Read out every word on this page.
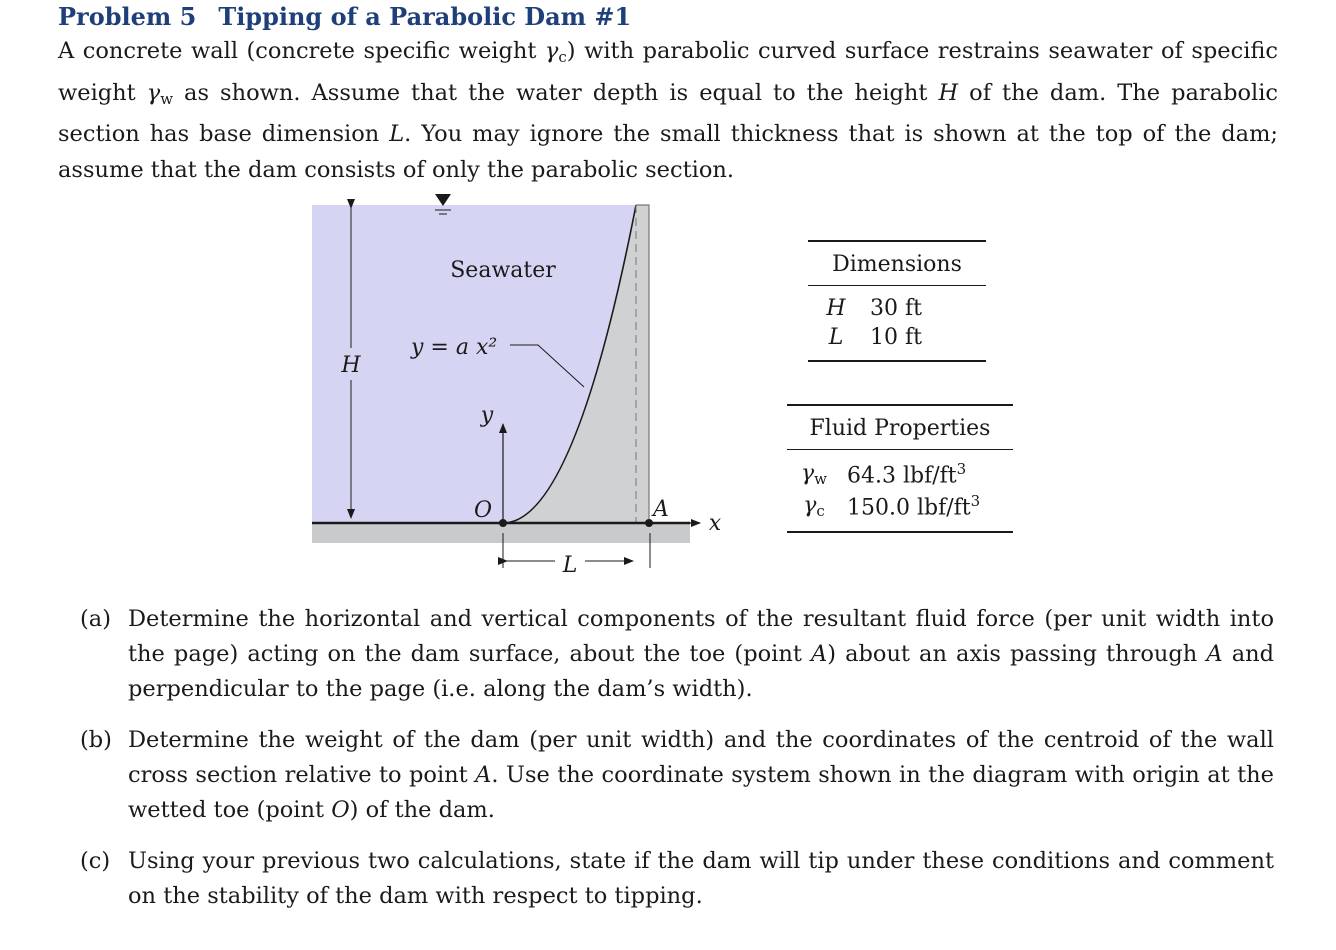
Problem 5 Tipping of a Parabolic Dam #1

A concrete wall (concrete specific weight $\gamma_c$) with parabolic curved surface restrains seawater of specific weight $\gamma_w$ as shown. Assume that the water depth is equal to the height H of the dam. The parabolic section has base dimension L. You may ignore the small thickness that is shown at the top of the dam; assume that the dam consists of only the parabolic section.

H
L
Seawater
y = a x²
y
O	A
x
Dimensions
H	30 ft
L	10 ft
Fluid Properties
$\gamma_w$	64.3 lbf/$ft^3$
$\gamma_c$	150.0 lbf/$ft^3$
(a) Determine the horizontal and vertical components of the resultant fluid force (per unit width into the page) acting on the dam surface, about the toe (point A) about an axis passing through A and perpendicular to the page (i.e. along the dam’s width).
(b) Determine the weight of the dam (per unit width) and the coordinates of the centroid of the wall cross section relative to point A. Use the coordinate system shown in the diagram with origin at the wetted toe (point O) of the dam.
(c) Using your previous two calculations, state if the dam will tip under these conditions and comment on the stability of the dam with respect to tipping.
